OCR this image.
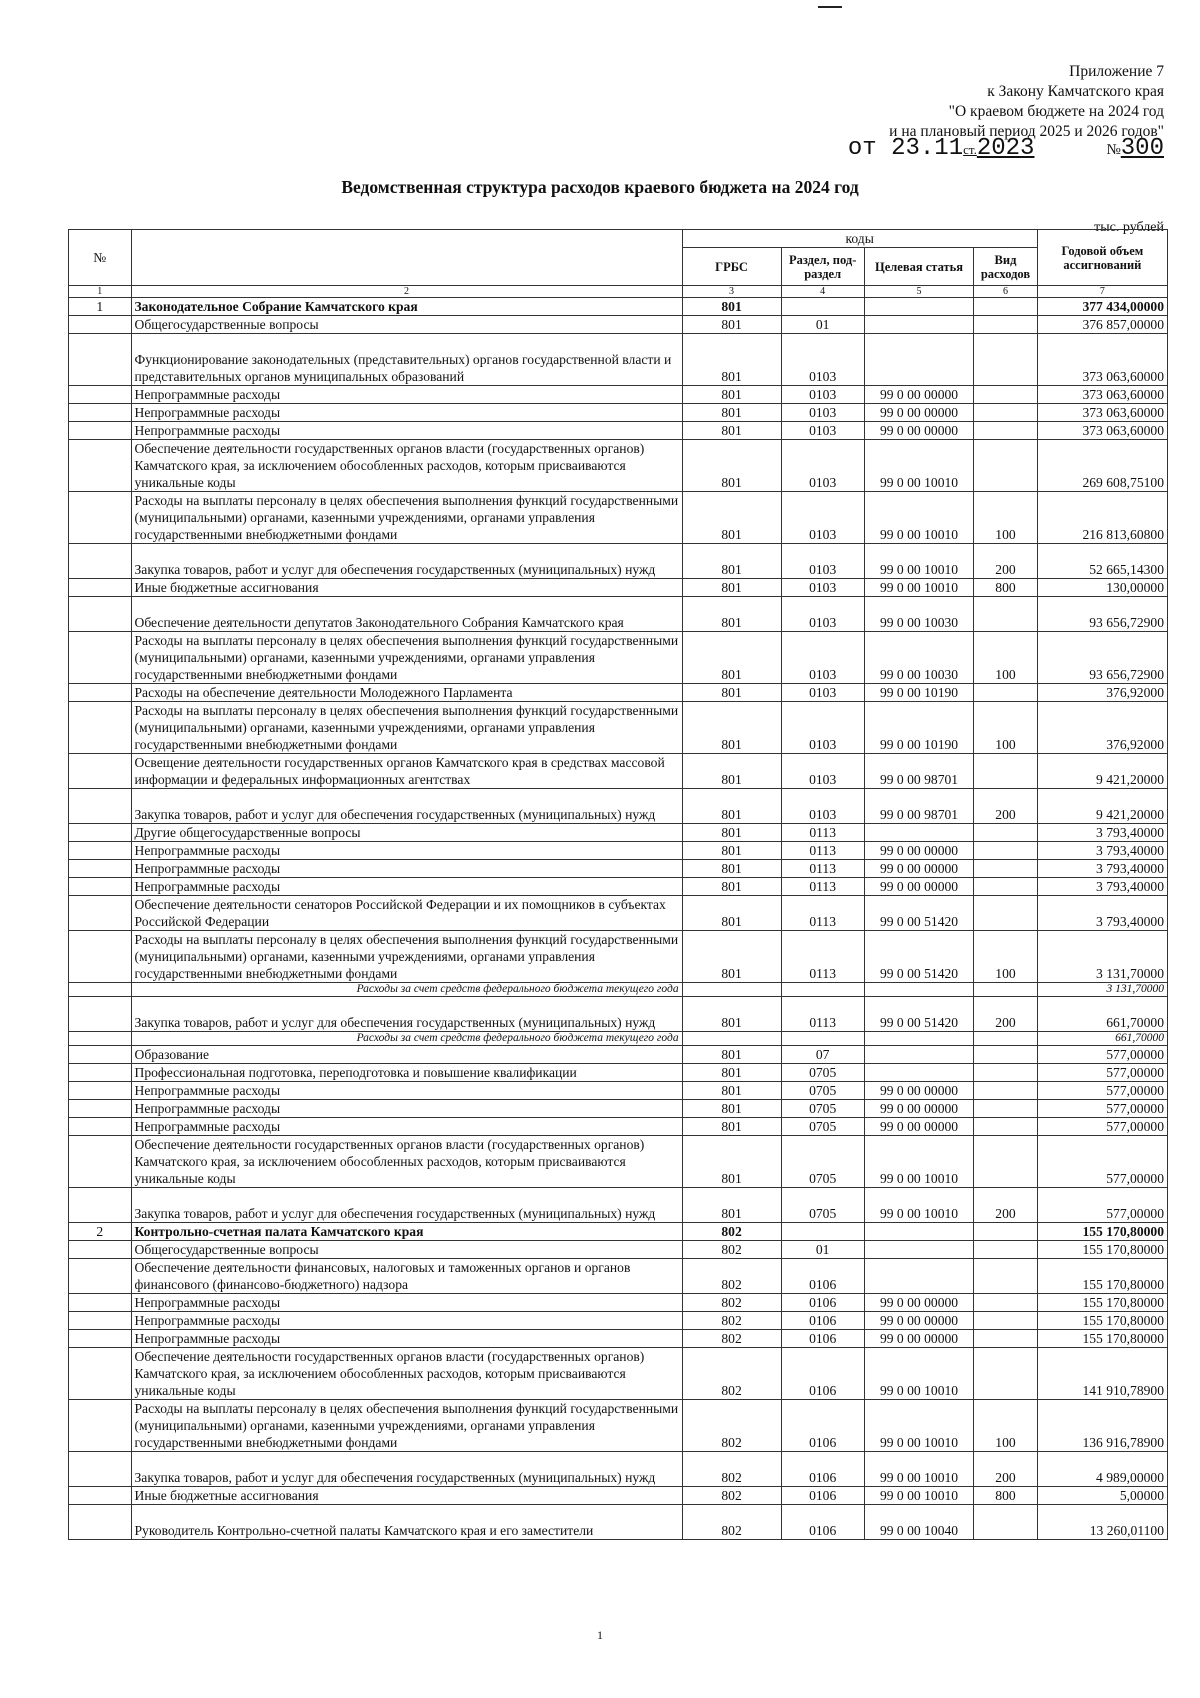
Приложение 7
к Закону Камчатского края
"О краевом бюджете на 2024 год
и на плановый период 2025 и 2026 годов"
от 23.11ст.2023	№300
Ведомственная структура расходов краевого бюджета на 2024 год
тыс. рублей
№		коды				Годовой объем ассигнований
		ГРБС	Раздел, под-раздел	Целевая статья	Вид расходов	
1	2	3	4	5	6	7
1	Законодательное Собрание Камчатского края	801				377 434,00000
	Общегосударственные вопросы	801	01			376 857,00000
	Функционирование законодательных (представительных) органов государственной власти и представительных органов муниципальных образований	801	0103			373 063,60000
	Непрограммные расходы	801	0103	99 0 00 00000		373 063,60000
	Непрограммные расходы	801	0103	99 0 00 00000		373 063,60000
	Непрограммные расходы	801	0103	99 0 00 00000		373 063,60000
	Обеспечение деятельности государственных органов власти (государственных органов) Камчатского края, за исключением обособленных расходов, которым присваиваются уникальные коды	801	0103	99 0 00 10010		269 608,75100
	Расходы на выплаты персоналу в целях обеспечения выполнения функций государственными (муниципальными) органами, казенными учреждениями, органами управления государственными внебюджетными фондами	801	0103	99 0 00 10010	100	216 813,60800
	Закупка товаров, работ и услуг для обеспечения государственных (муниципальных) нужд	801	0103	99 0 00 10010	200	52 665,14300
	Иные бюджетные ассигнования	801	0103	99 0 00 10010	800	130,00000
	Обеспечение деятельности депутатов Законодательного Собрания Камчатского края	801	0103	99 0 00 10030		93 656,72900
	Расходы на выплаты персоналу в целях обеспечения выполнения функций государственными (муниципальными) органами, казенными учреждениями, органами управления государственными внебюджетными фондами	801	0103	99 0 00 10030	100	93 656,72900
	Расходы на обеспечение деятельности Молодежного Парламента	801	0103	99 0 00 10190		376,92000
	Расходы на выплаты персоналу в целях обеспечения выполнения функций государственными (муниципальными) органами, казенными учреждениями, органами управления государственными внебюджетными фондами	801	0103	99 0 00 10190	100	376,92000
	Освещение деятельности государственных органов Камчатского края в средствах массовой информации и федеральных информационных агентствах	801	0103	99 0 00 98701		9 421,20000
	Закупка товаров, работ и услуг для обеспечения государственных (муниципальных) нужд	801	0103	99 0 00 98701	200	9 421,20000
	Другие общегосударственные вопросы	801	0113			3 793,40000
	Непрограммные расходы	801	0113	99 0 00 00000		3 793,40000
	Непрограммные расходы	801	0113	99 0 00 00000		3 793,40000
	Непрограммные расходы	801	0113	99 0 00 00000		3 793,40000
	Обеспечение деятельности сенаторов Российской Федерации и их помощников в субъектах Российской Федерации	801	0113	99 0 00 51420		3 793,40000
	Расходы на выплаты персоналу в целях обеспечения выполнения функций государственными (муниципальными) органами, казенными учреждениями, органами управления государственными внебюджетными фондами	801	0113	99 0 00 51420	100	3 131,70000
	Расходы за счет средств федерального бюджета текущего года					3 131,70000
	Закупка товаров, работ и услуг для обеспечения государственных (муниципальных) нужд	801	0113	99 0 00 51420	200	661,70000
	Расходы за счет средств федерального бюджета текущего года					661,70000
	Образование	801	07			577,00000
	Профессиональная подготовка, переподготовка и повышение квалификации	801	0705			577,00000
	Непрограммные расходы	801	0705	99 0 00 00000		577,00000
	Непрограммные расходы	801	0705	99 0 00 00000		577,00000
	Непрограммные расходы	801	0705	99 0 00 00000		577,00000
	Обеспечение деятельности государственных органов власти (государственных органов) Камчатского края, за исключением обособленных расходов, которым присваиваются уникальные коды	801	0705	99 0 00 10010		577,00000
	Закупка товаров, работ и услуг для обеспечения государственных (муниципальных) нужд	801	0705	99 0 00 10010	200	577,00000
2	Контрольно-счетная палата Камчатского края	802				155 170,80000
	Общегосударственные вопросы	802	01			155 170,80000
	Обеспечение деятельности финансовых, налоговых и таможенных органов и органов финансового (финансово-бюджетного) надзора	802	0106			155 170,80000
	Непрограммные расходы	802	0106	99 0 00 00000		155 170,80000
	Непрограммные расходы	802	0106	99 0 00 00000		155 170,80000
	Непрограммные расходы	802	0106	99 0 00 00000		155 170,80000
	Обеспечение деятельности государственных органов власти (государственных органов) Камчатского края, за исключением обособленных расходов, которым присваиваются уникальные коды	802	0106	99 0 00 10010		141 910,78900
	Расходы на выплаты персоналу в целях обеспечения выполнения функций государственными (муниципальными) органами, казенными учреждениями, органами управления государственными внебюджетными фондами	802	0106	99 0 00 10010	100	136 916,78900
	Закупка товаров, работ и услуг для обеспечения государственных (муниципальных) нужд	802	0106	99 0 00 10010	200	4 989,00000
	Иные бюджетные ассигнования	802	0106	99 0 00 10010	800	5,00000
	Руководитель Контрольно-счетной палаты Камчатского края и его заместители	802	0106	99 0 00 10040		13 260,01100
1
